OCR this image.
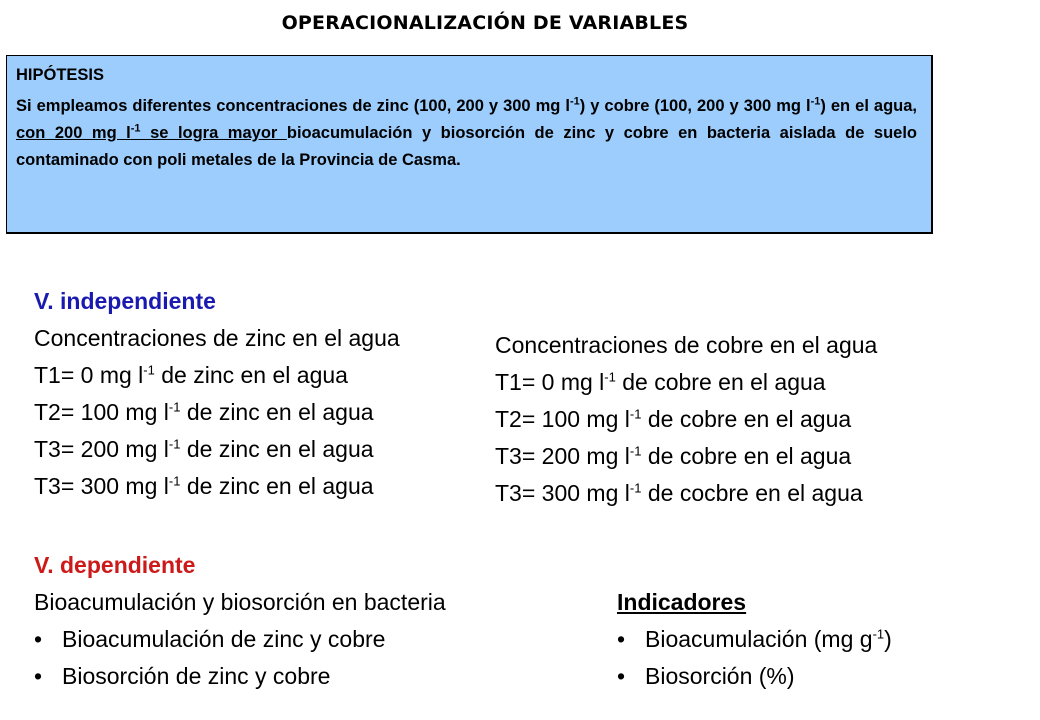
OPERACIONALIZACIÓN DE VARIABLES
HIPÓTESIS
Si empleamos diferentes concentraciones de zinc (100, 200 y 300 mg $l^{-1}$) y cobre (100, 200 y 300 mg $l^{-1}$) en el agua, con 200 mg $l^{-1}$ se logra mayor bioacumulación y biosorción de zinc y cobre en bacteria aislada de suelo contaminado con poli metales de la Provincia de Casma.
V. independiente
Concentraciones de zinc en el agua
T1= 0 mg $l^{-1}$ de zinc en el agua
T2= 100 mg $l^{-1}$ de zinc en el agua
T3= 200 mg $l^{-1}$ de zinc en el agua
T3= 300 mg $l^{-1}$ de zinc en el agua
Concentraciones de cobre en el agua
T1= 0 mg $l^{-1}$ de cobre en el agua
T2= 100 mg $l^{-1}$ de cobre en el agua
T3= 200 mg $l^{-1}$ de cobre en el agua
T3= 300 mg $l^{-1}$ de cocbre en el agua
V. dependiente
Bioacumulación y biosorción en bacteria
• Bioacumulación de zinc y cobre
• Biosorción de zinc y cobre
Indicadores
• Bioacumulación (mg $g^{-1}$)
• Biosorción (%)
